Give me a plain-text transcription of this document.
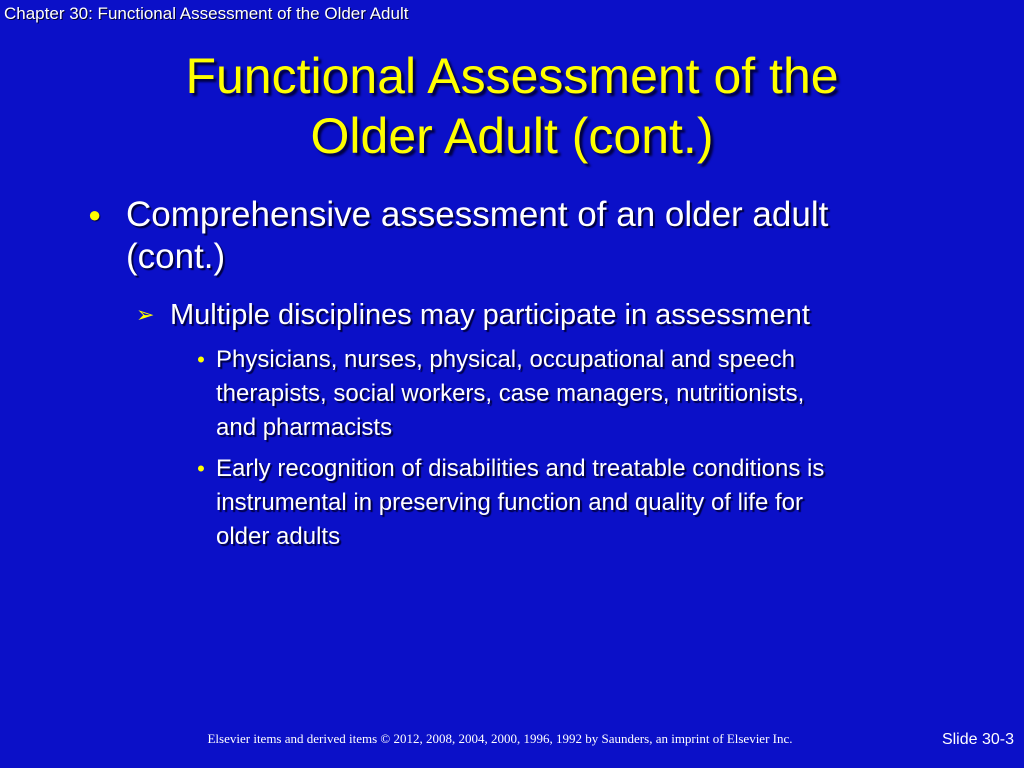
Chapter 30: Functional Assessment of the Older Adult
Functional Assessment of the
Older Adult (cont.)
● Comprehensive assessment of an older adult
(cont.)
➢ Multiple disciplines may participate in assessment
• Physicians, nurses, physical, occupational and speech
therapists, social workers, case managers, nutritionists,
and pharmacists
• Early recognition of disabilities and treatable conditions is
instrumental in preserving function and quality of life for
older adults
Elsevier items and derived items © 2012, 2008, 2004, 2000, 1996, 1992 by Saunders, an imprint of Elsevier Inc.	Slide 30-3
